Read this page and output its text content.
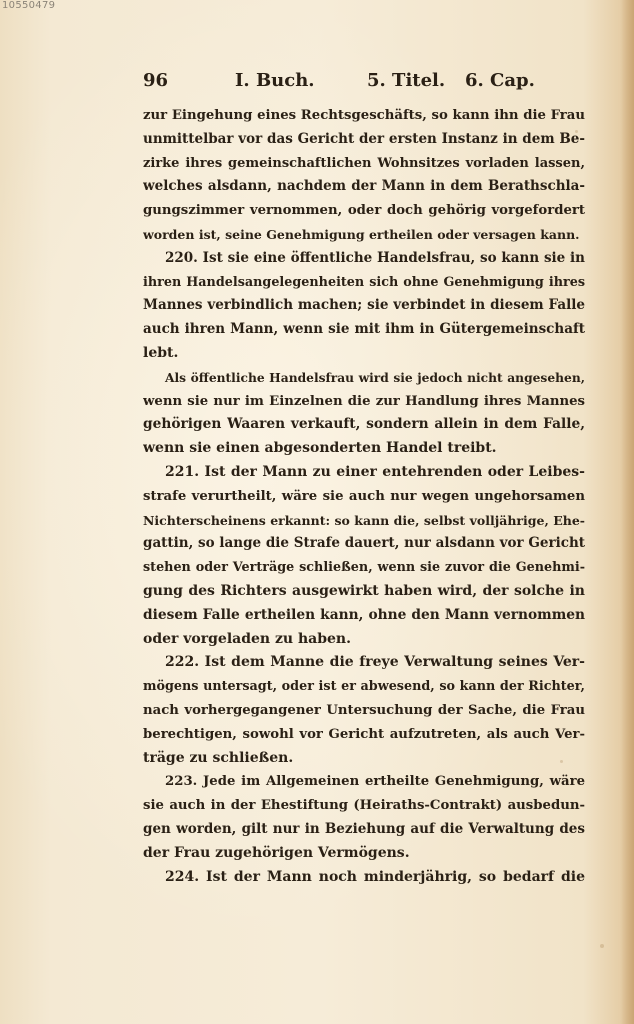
10550479
96	I. Buch.	5. Titel. 6. Cap.
zur Eingehung eines Rechtsgeschäfts, so kann ihn die Frau
unmittelbar vor das Gericht der ersten Instanz in dem Be-
zirke ihres gemeinschaftlichen Wohnsitzes vorladen lassen,
welches alsdann, nachdem der Mann in dem Berathschla-
gungszimmer vernommen, oder doch gehörig vorgefordert
worden ist, seine Genehmigung ertheilen oder versagen kann.
220. Ist sie eine öffentliche Handelsfrau, so kann sie in
ihren Handelsangelegenheiten sich ohne Genehmigung ihres
Mannes verbindlich machen; sie verbindet in diesem Falle
auch ihren Mann, wenn sie mit ihm in Gütergemeinschaft
lebt.
Als öffentliche Handelsfrau wird sie jedoch nicht angesehen,
wenn sie nur im Einzelnen die zur Handlung ihres Mannes
gehörigen Waaren verkauft, sondern allein in dem Falle,
wenn sie einen abgesonderten Handel treibt.
221. Ist der Mann zu einer entehrenden oder Leibes-
strafe verurtheilt, wäre sie auch nur wegen ungehorsamen
Nichterscheinens erkannt: so kann die, selbst volljährige, Ehe-
gattin, so lange die Strafe dauert, nur alsdann vor Gericht
stehen oder Verträge schließen, wenn sie zuvor die Genehmi-
gung des Richters ausgewirkt haben wird, der solche in
diesem Falle ertheilen kann, ohne den Mann vernommen
oder vorgeladen zu haben.
222. Ist dem Manne die freye Verwaltung seines Ver-
mögens untersagt, oder ist er abwesend, so kann der Richter,
nach vorhergegangener Untersuchung der Sache, die Frau
berechtigen, sowohl vor Gericht aufzutreten, als auch Ver-
träge zu schließen.
223. Jede im Allgemeinen ertheilte Genehmigung, wäre
sie auch in der Ehestiftung (Heiraths-Contrakt) ausbedun-
gen worden, gilt nur in Beziehung auf die Verwaltung des
der Frau zugehörigen Vermögens.
224. Ist der Mann noch minderjährig, so bedarf die
